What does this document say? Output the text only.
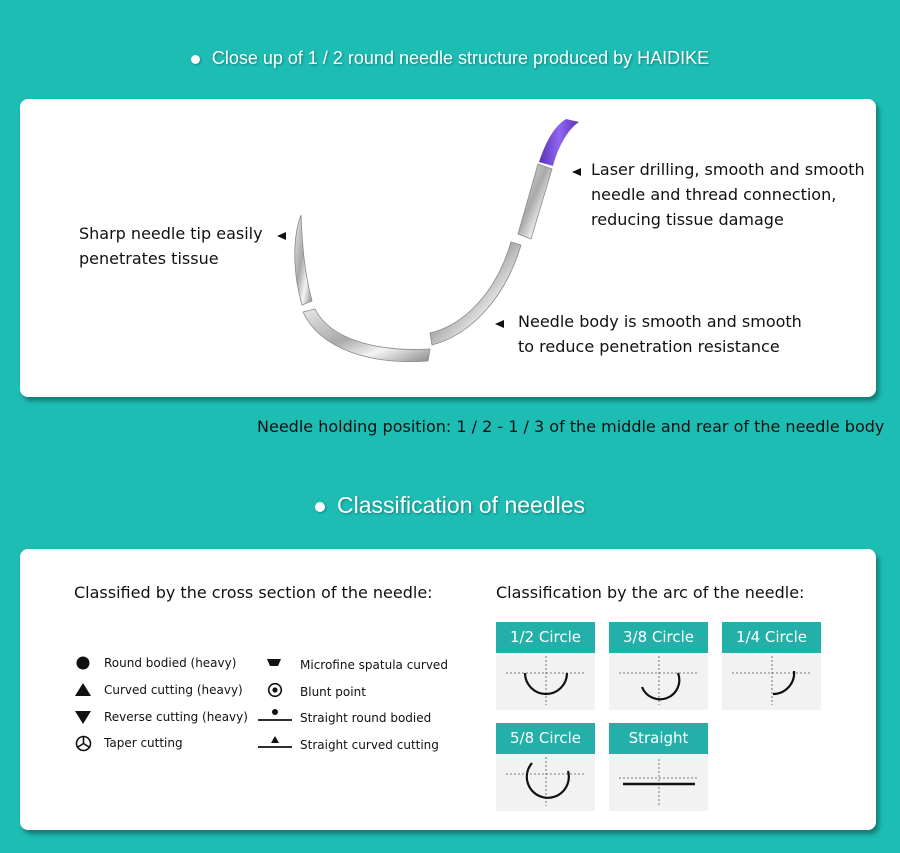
Close up of 1 / 2 round needle structure produced by HAIDIKE
Sharp needle tip easily
penetrates tissue
Laser drilling, smooth and smooth
needle and thread connection,
reducing tissue damage
Needle body is smooth and smooth
to reduce penetration resistance
Needle holding position: 1 / 2 - 1 / 3 of the middle and rear of the needle body
Classification of needles
Classified by the cross section of the needle:	Classification by the arc of the needle:
Round bodied (heavy)
Curved cutting (heavy)
Reverse cutting (heavy)
Taper cutting
Microfine spatula curved
Blunt point
Straight round bodied
Straight curved cutting
1/2 Circle	3/8 Circle	1/4 Circle
5/8 Circle	Straight
